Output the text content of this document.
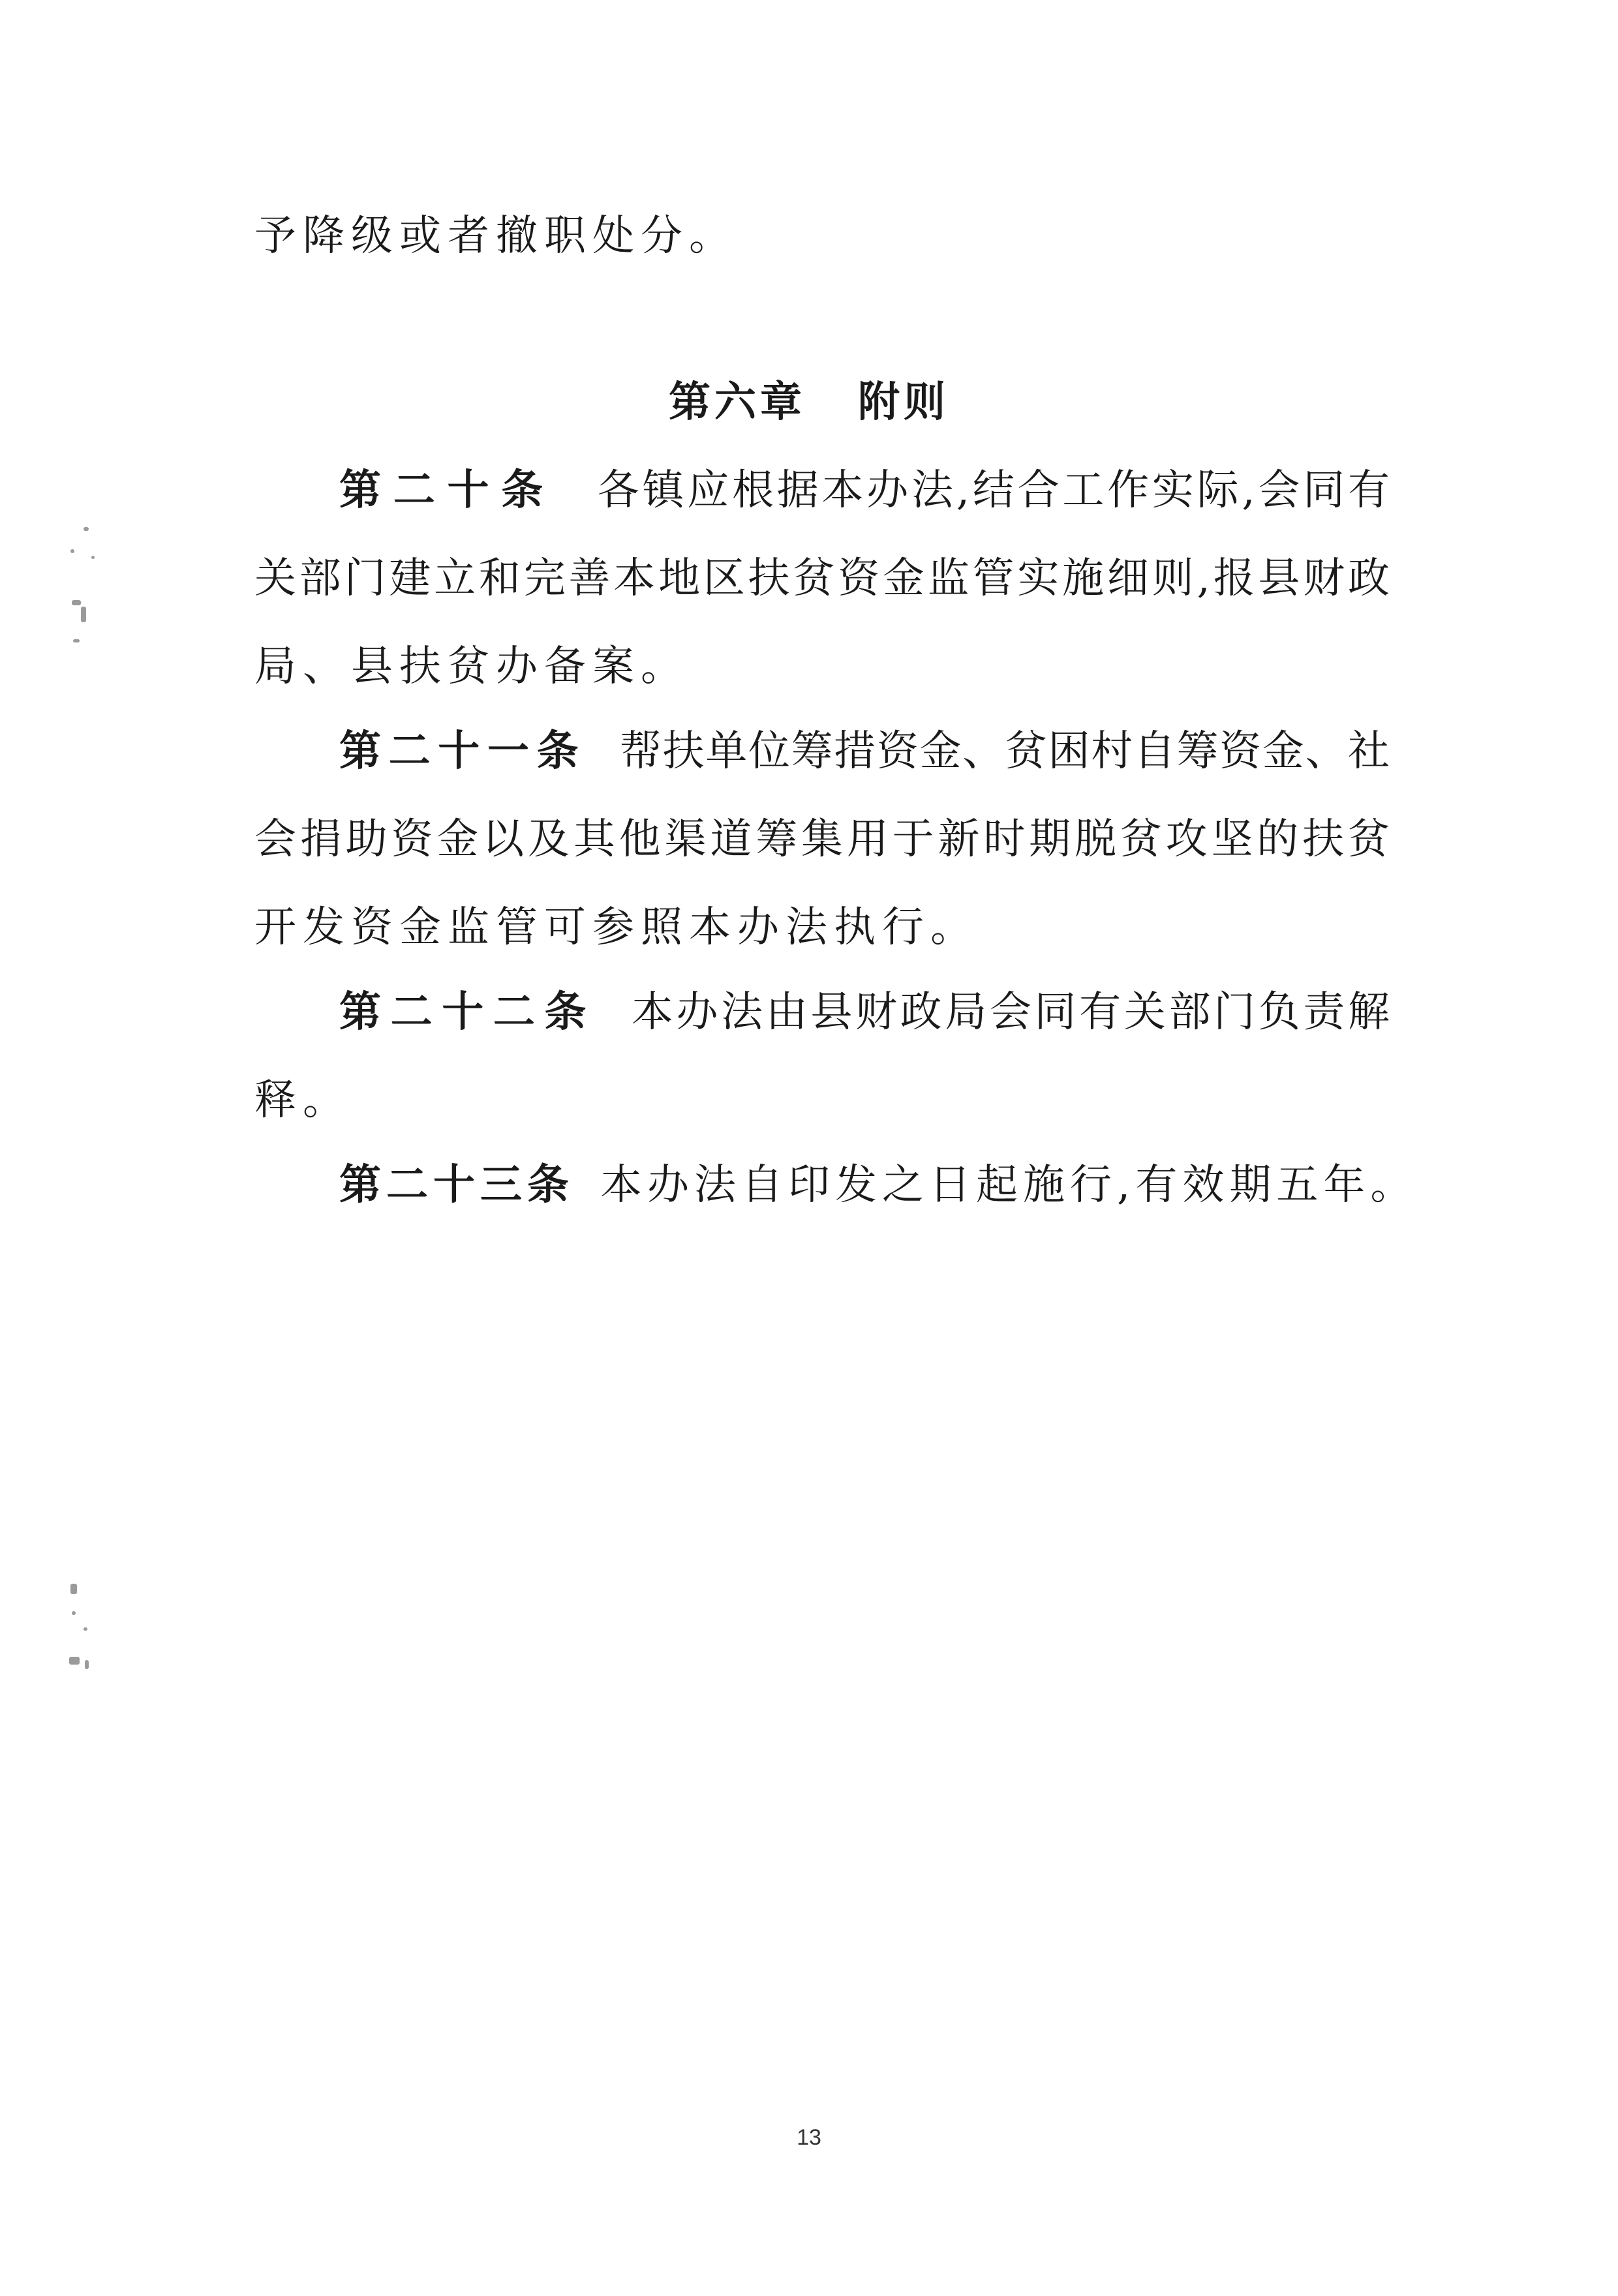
予降级或者撤职处分。
第六章 附则
第二十条 各镇应根据本办法,结合工作实际,会同有
关部门建立和完善本地区扶贫资金监管实施细则,报县财政
局、县扶贫办备案。
第二十一条 帮扶单位筹措资金、贫困村自筹资金、社
会捐助资金以及其他渠道筹集用于新时期脱贫攻坚的扶贫
开发资金监管可参照本办法执行。
第二十二条 本办法由县财政局会同有关部门负责解
释。
第二十三条 本办法自印发之日起施行,有效期五年。
13
